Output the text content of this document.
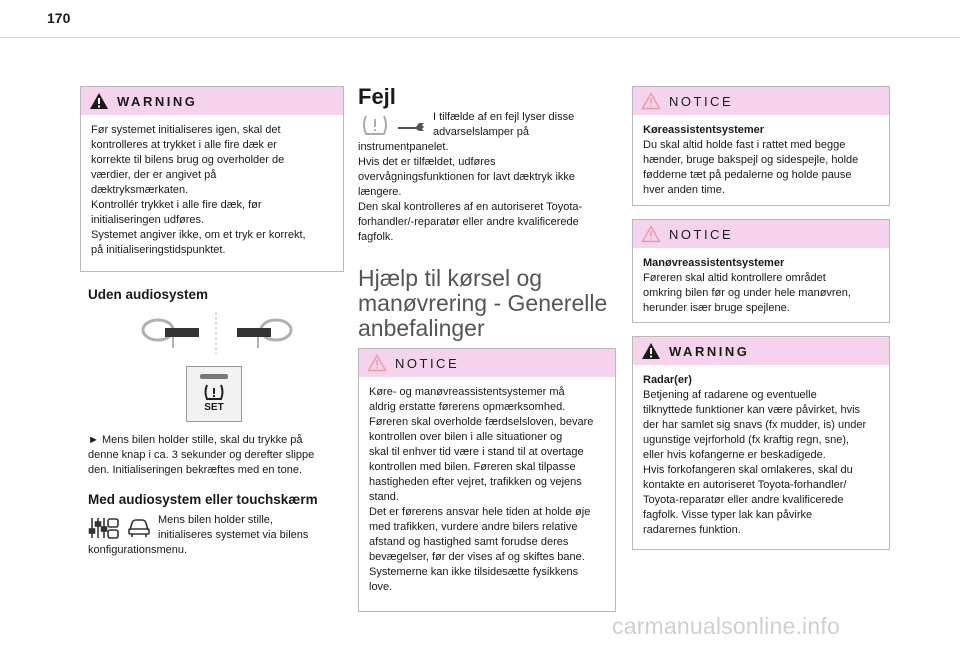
170
WARNING

Før systemet initialiseres igen, skal det

kontrolleres at trykket i alle fire dæk er

korrekte til bilens brug og overholder de

værdier, der er angivet på

dæktryksmærkaten.

Kontrollér trykket i alle fire dæk, før

initialiseringen udføres.

Systemet angiver ikke, om et tryk er korrekt,

på initialiseringstidspunktet.

Uden audiosystem
SET

► Mens bilen holder stille, skal du trykke på

denne knap i ca. 3 sekunder og derefter slippe

den. Initialiseringen bekræftes med en tone.

Med audiosystem eller touchskærm

Mens bilen holder stille,

initialiseres systemet via bilens

konfigurationsmenu.

Fejl

I tilfælde af en fejl lyser disse

advarselslamper på

instrumentpanelet.

Hvis det er tilfældet, udføres

overvågningsfunktionen for lavt dæktryk ikke

længere.

Den skal kontrolleres af en autoriseret Toyota-

forhandler/-reparatør eller andre kvalificerede

fagfolk.

Hjælp til kørsel og
manøvrering - Generelle
anbefalinger
NOTICE

Køre- og manøvreassistentsystemer må

aldrig erstatte førerens opmærksomhed.

Føreren skal overholde færdselsloven, bevare

kontrollen over bilen i alle situationer og

skal til enhver tid være i stand til at overtage

kontrollen med bilen. Føreren skal tilpasse

hastigheden efter vejret, trafikken og vejens

stand.

Det er førerens ansvar hele tiden at holde øje

med trafikken, vurdere andre bilers relative

afstand og hastighed samt forudse deres

bevægelser, før der vises af og skiftes bane.

Systemerne kan ikke tilsidesætte fysikkens

love.

NOTICE

Køreassistentsystemer

Du skal altid holde fast i rattet med begge

hænder, bruge bakspejl og sidespejle, holde

fødderne tæt på pedalerne og holde pause

hver anden time.

NOTICE

Manøvreassistentsystemer

Føreren skal altid kontrollere området

omkring bilen før og under hele manøvren,

herunder især bruge spejlene.

WARNING

Radar(er)

Betjening af radarene og eventuelle

tilknyttede funktioner kan være påvirket, hvis

der har samlet sig snavs (fx mudder, is) under

ugunstige vejrforhold (fx kraftig regn, sne),

eller hvis kofangerne er beskadigede.

Hvis forkofangeren skal omlakeres, skal du

kontakte en autoriseret Toyota-forhandler/

Toyota-reparatør eller andre kvalificerede

fagfolk. Visse typer lak kan påvirke

radarernes funktion.

carmanualsonline.info
